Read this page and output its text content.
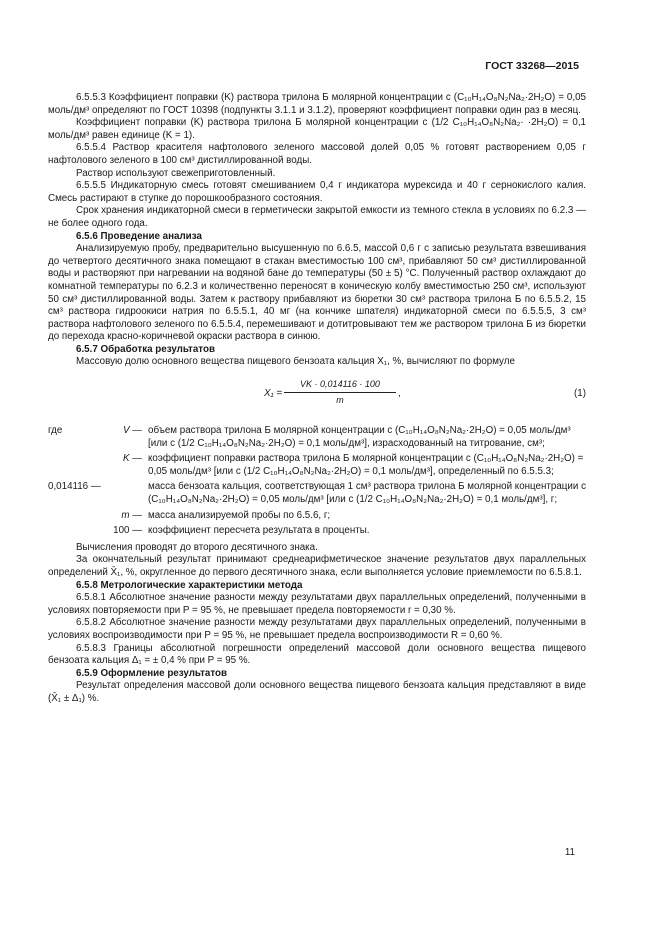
ГОСТ 33268—2015

6.5.5.3 Коэффициент поправки (K) раствора трилона Б молярной концентрации c (C₁₀H₁₄O₈N₂Na₂·2H₂O) = 0,05 моль/дм³ определяют по ГОСТ 10398 (подпункты 3.1.1 и 3.1.2), проверяют коэффициент поправки один раз в месяц.

Коэффициент поправки (K) раствора трилона Б молярной концентрации c (1/2 C₁₀H₁₄O₈N₂Na₂· ·2H₂O) = 0,1 моль/дм³ равен единице (K = 1).

6.5.5.4 Раствор красителя нафтолового зеленого массовой долей 0,05 % готовят растворением 0,05 г нафтолового зеленого в 100 см³ дистиллированной воды.

Раствор используют свежеприготовленный.

6.5.5.5 Индикаторную смесь готовят смешиванием 0,4 г индикатора мурексида и 40 г сернокислого калия. Смесь растирают в ступке до порошкообразного состояния.

Срок хранения индикаторной смеси в герметически закрытой емкости из темного стекла в условиях по 6.2.3 — не более одного года.

6.5.6 Проведение анализа

Анализируемую пробу, предварительно высушенную по 6.6.5, массой 0,6 г с записью результата взвешивания до четвертого десятичного знака помещают в стакан вместимостью 100 см³, прибавляют 50 см³ дистиллированной воды и растворяют при нагревании на водяной бане до температуры (50 ± 5) °С. Полученный раствор охлаждают до комнатной температуры по 6.2.3 и количественно переносят в коническую колбу вместимостью 250 см³, используют 50 см³ дистиллированной воды. Затем к раствору прибавляют из бюретки 30 см³ раствора трилона Б по 6.5.5.2, 15 см³ раствора гидроокиси натрия по 6.5.5.1, 40 мг (на кончике шпателя) индикаторной смеси по 6.5.5.5, 3 см³ раствора нафтолового зеленого по 6.5.5.4, перемешивают и дотитровывают тем же раствором трилона Б из бюретки до перехода красно-коричневой окраски раствора в синюю.

6.5.7 Обработка результатов

Массовую долю основного вещества пищевого бензоата кальция X₁, %, вычисляют по формуле

$X_1 = \frac{VK \cdot 0,014116 \cdot 100}{m}$ ,	(1)
где	V — объем раствора трилона Б молярной концентрации c (C₁₀H₁₄O₈N₂Na₂·2H₂O) = 0,05 моль/дм³ [или c (1/2 C₁₀H₁₄O₈N₂Na₂·2H₂O) = 0,1 моль/дм³], израсходованный на титрование, см³;
K — коэффициент поправки раствора трилона Б молярной концентрации c (C₁₀H₁₄O₈N₂Na₂·2H₂O) = 0,05 моль/дм³ [или c (1/2 C₁₀H₁₄O₈N₂Na₂·2H₂O) = 0,1 моль/дм³], определенный по 6.5.5.3;
0,014116 —	масса бензоата кальция, соответствующая 1 см³ раствора трилона Б молярной концентрации c (C₁₀H₁₄O₈N₂Na₂·2H₂O) = 0,05 моль/дм³ [или c (1/2 C₁₀H₁₄O₈N₂Na₂·2H₂O) = 0,1 моль/дм³], г;
m — масса анализируемой пробы по 6.5.6, г;
100 — коэффициент пересчета результата в проценты.

Вычисления проводят до второго десятичного знака.

За окончательный результат принимают среднеарифметическое значение результатов двух параллельных определений X̄₁, %, округленное до первого десятичного знака, если выполняется условие приемлемости по 6.5.8.1.

6.5.8 Метрологические характеристики метода

6.5.8.1 Абсолютное значение разности между результатами двух параллельных определений, полученными в условиях повторяемости при P = 95 %, не превышает предела повторяемости r = 0,30 %.

6.5.8.2 Абсолютное значение разности между результатами двух параллельных определений, полученными в условиях воспроизводимости при P = 95 %, не превышает предела воспроизводимости R = 0,60 %.

6.5.8.3 Границы абсолютной погрешности определений массовой доли основного вещества пищевого бензоата кальция Δ₁ = ± 0,4 % при P = 95 %.

6.5.9 Оформление результатов

Результат определения массовой доли основного вещества пищевого бензоата кальция представляют в виде (X̄₁ ± Δ₁) %.

11
